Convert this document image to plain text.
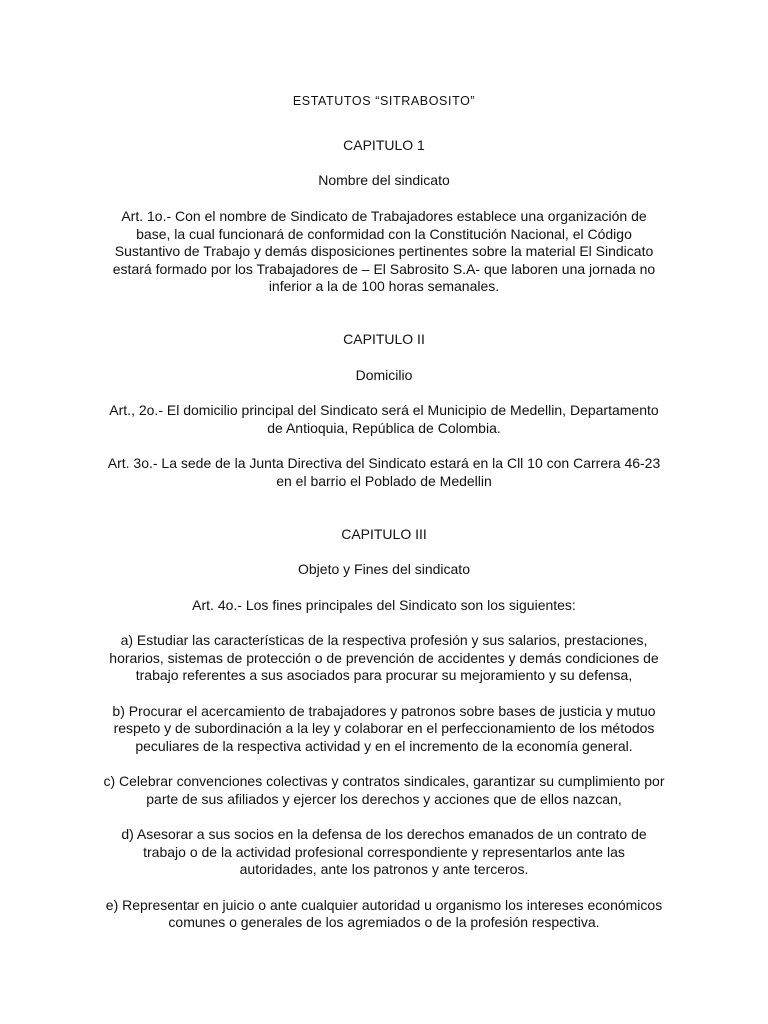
ESTATUTOS “SITRABOSITO”
CAPITULO 1
Nombre del sindicato
Art. 1o.- Con el nombre de Sindicato de Trabajadores establece una organización de
base, la cual funcionará de conformidad con la Constitución Nacional, el Código
Sustantivo de Trabajo y demás disposiciones pertinentes sobre la material El Sindicato
estará formado por los Trabajadores de – El Sabrosito S.A- que laboren una jornada no
inferior a la de 100 horas semanales.
CAPITULO II
Domicilio
Art., 2o.- El domicilio principal del Sindicato será el Municipio de Medellin, Departamento
de Antioquia, República de Colombia.
Art. 3o.- La sede de la Junta Directiva del Sindicato estará en la Cll 10 con Carrera 46-23
en el barrio el Poblado de Medellin
CAPITULO III
Objeto y Fines del sindicato
Art. 4o.- Los fines principales del Sindicato son los siguientes:
a) Estudiar las características de la respectiva profesión y sus salarios, prestaciones,
horarios, sistemas de protección o de prevención de accidentes y demás condiciones de
trabajo referentes a sus asociados para procurar su mejoramiento y su defensa,
b) Procurar el acercamiento de trabajadores y patronos sobre bases de justicia y mutuo
respeto y de subordinación a la ley y colaborar en el perfeccionamiento de los métodos
peculiares de la respectiva actividad y en el incremento de la economía general.
c) Celebrar convenciones colectivas y contratos sindicales, garantizar su cumplimiento por
parte de sus afiliados y ejercer los derechos y acciones que de ellos nazcan,
d) Asesorar a sus socios en la defensa de los derechos emanados de un contrato de
trabajo o de la actividad profesional correspondiente y representarlos ante las
autoridades, ante los patronos y ante terceros.
e) Representar en juicio o ante cualquier autoridad u organismo los intereses económicos
comunes o generales de los agremiados o de la profesión respectiva.
